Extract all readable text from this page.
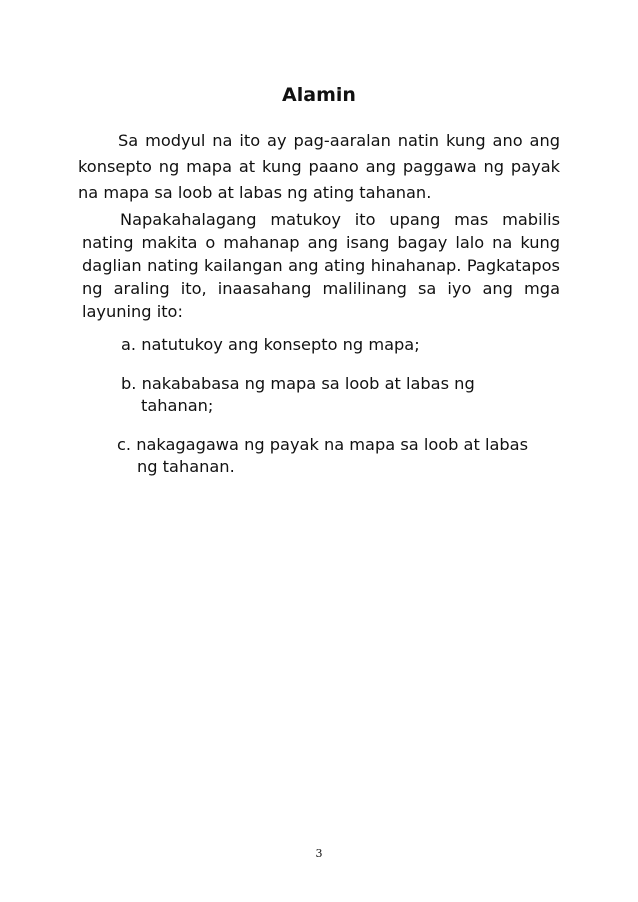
Alamin

Sa modyul na ito ay pag-aaralan natin kung ano ang konsepto ng mapa at kung paano ang paggawa ng payak na mapa sa loob at labas ng ating tahanan.

Napakahalagang matukoy ito upang mas mabilis nating makita o mahanap ang isang bagay lalo na kung daglian nating kailangan ang ating hinahanap. Pagkatapos ng araling ito, inaasahang malilinang sa iyo ang mga layuning ito:

a. natutukoy ang konsepto ng mapa;
b. nakababasa ng mapa sa loob at labas ng tahanan;
c. nakagagawa ng payak na mapa sa loob at labas ng tahanan.
3
